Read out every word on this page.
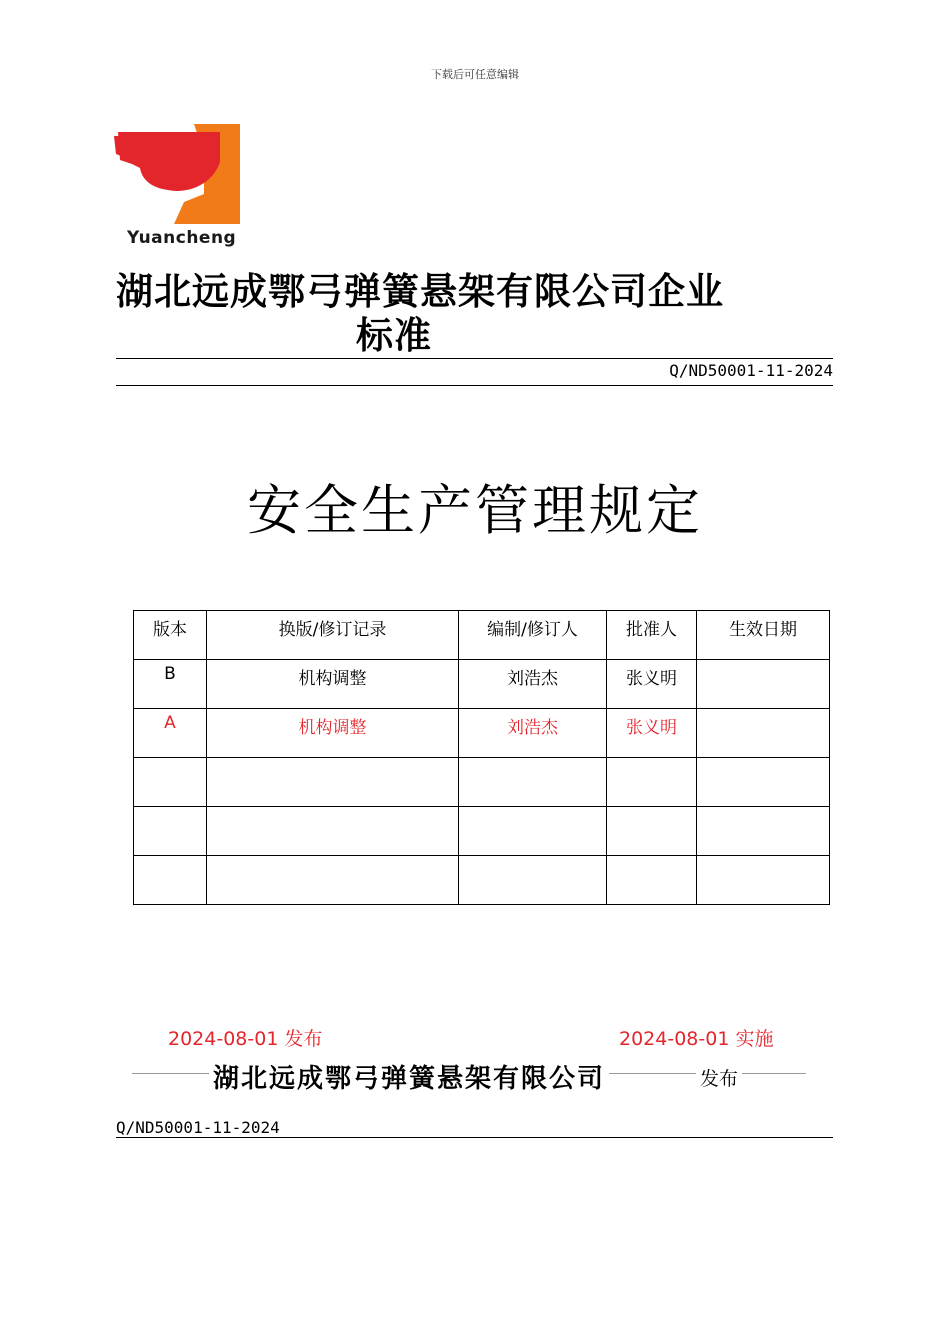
下载后可任意编辑
Yuancheng
湖北远成鄂弓弹簧悬架有限公司企业
标准
Q/ND50001-11-2024
安全生产管理规定
版本	换版/修订记录	编制/修订人	批准人	生效日期
B	机构调整	刘浩杰	张义明	
A	机构调整	刘浩杰	张义明	

2024-08-01 发布	2024-08-01 实施
湖北远成鄂弓弹簧悬架有限公司	发布
Q/ND50001-11-2024
